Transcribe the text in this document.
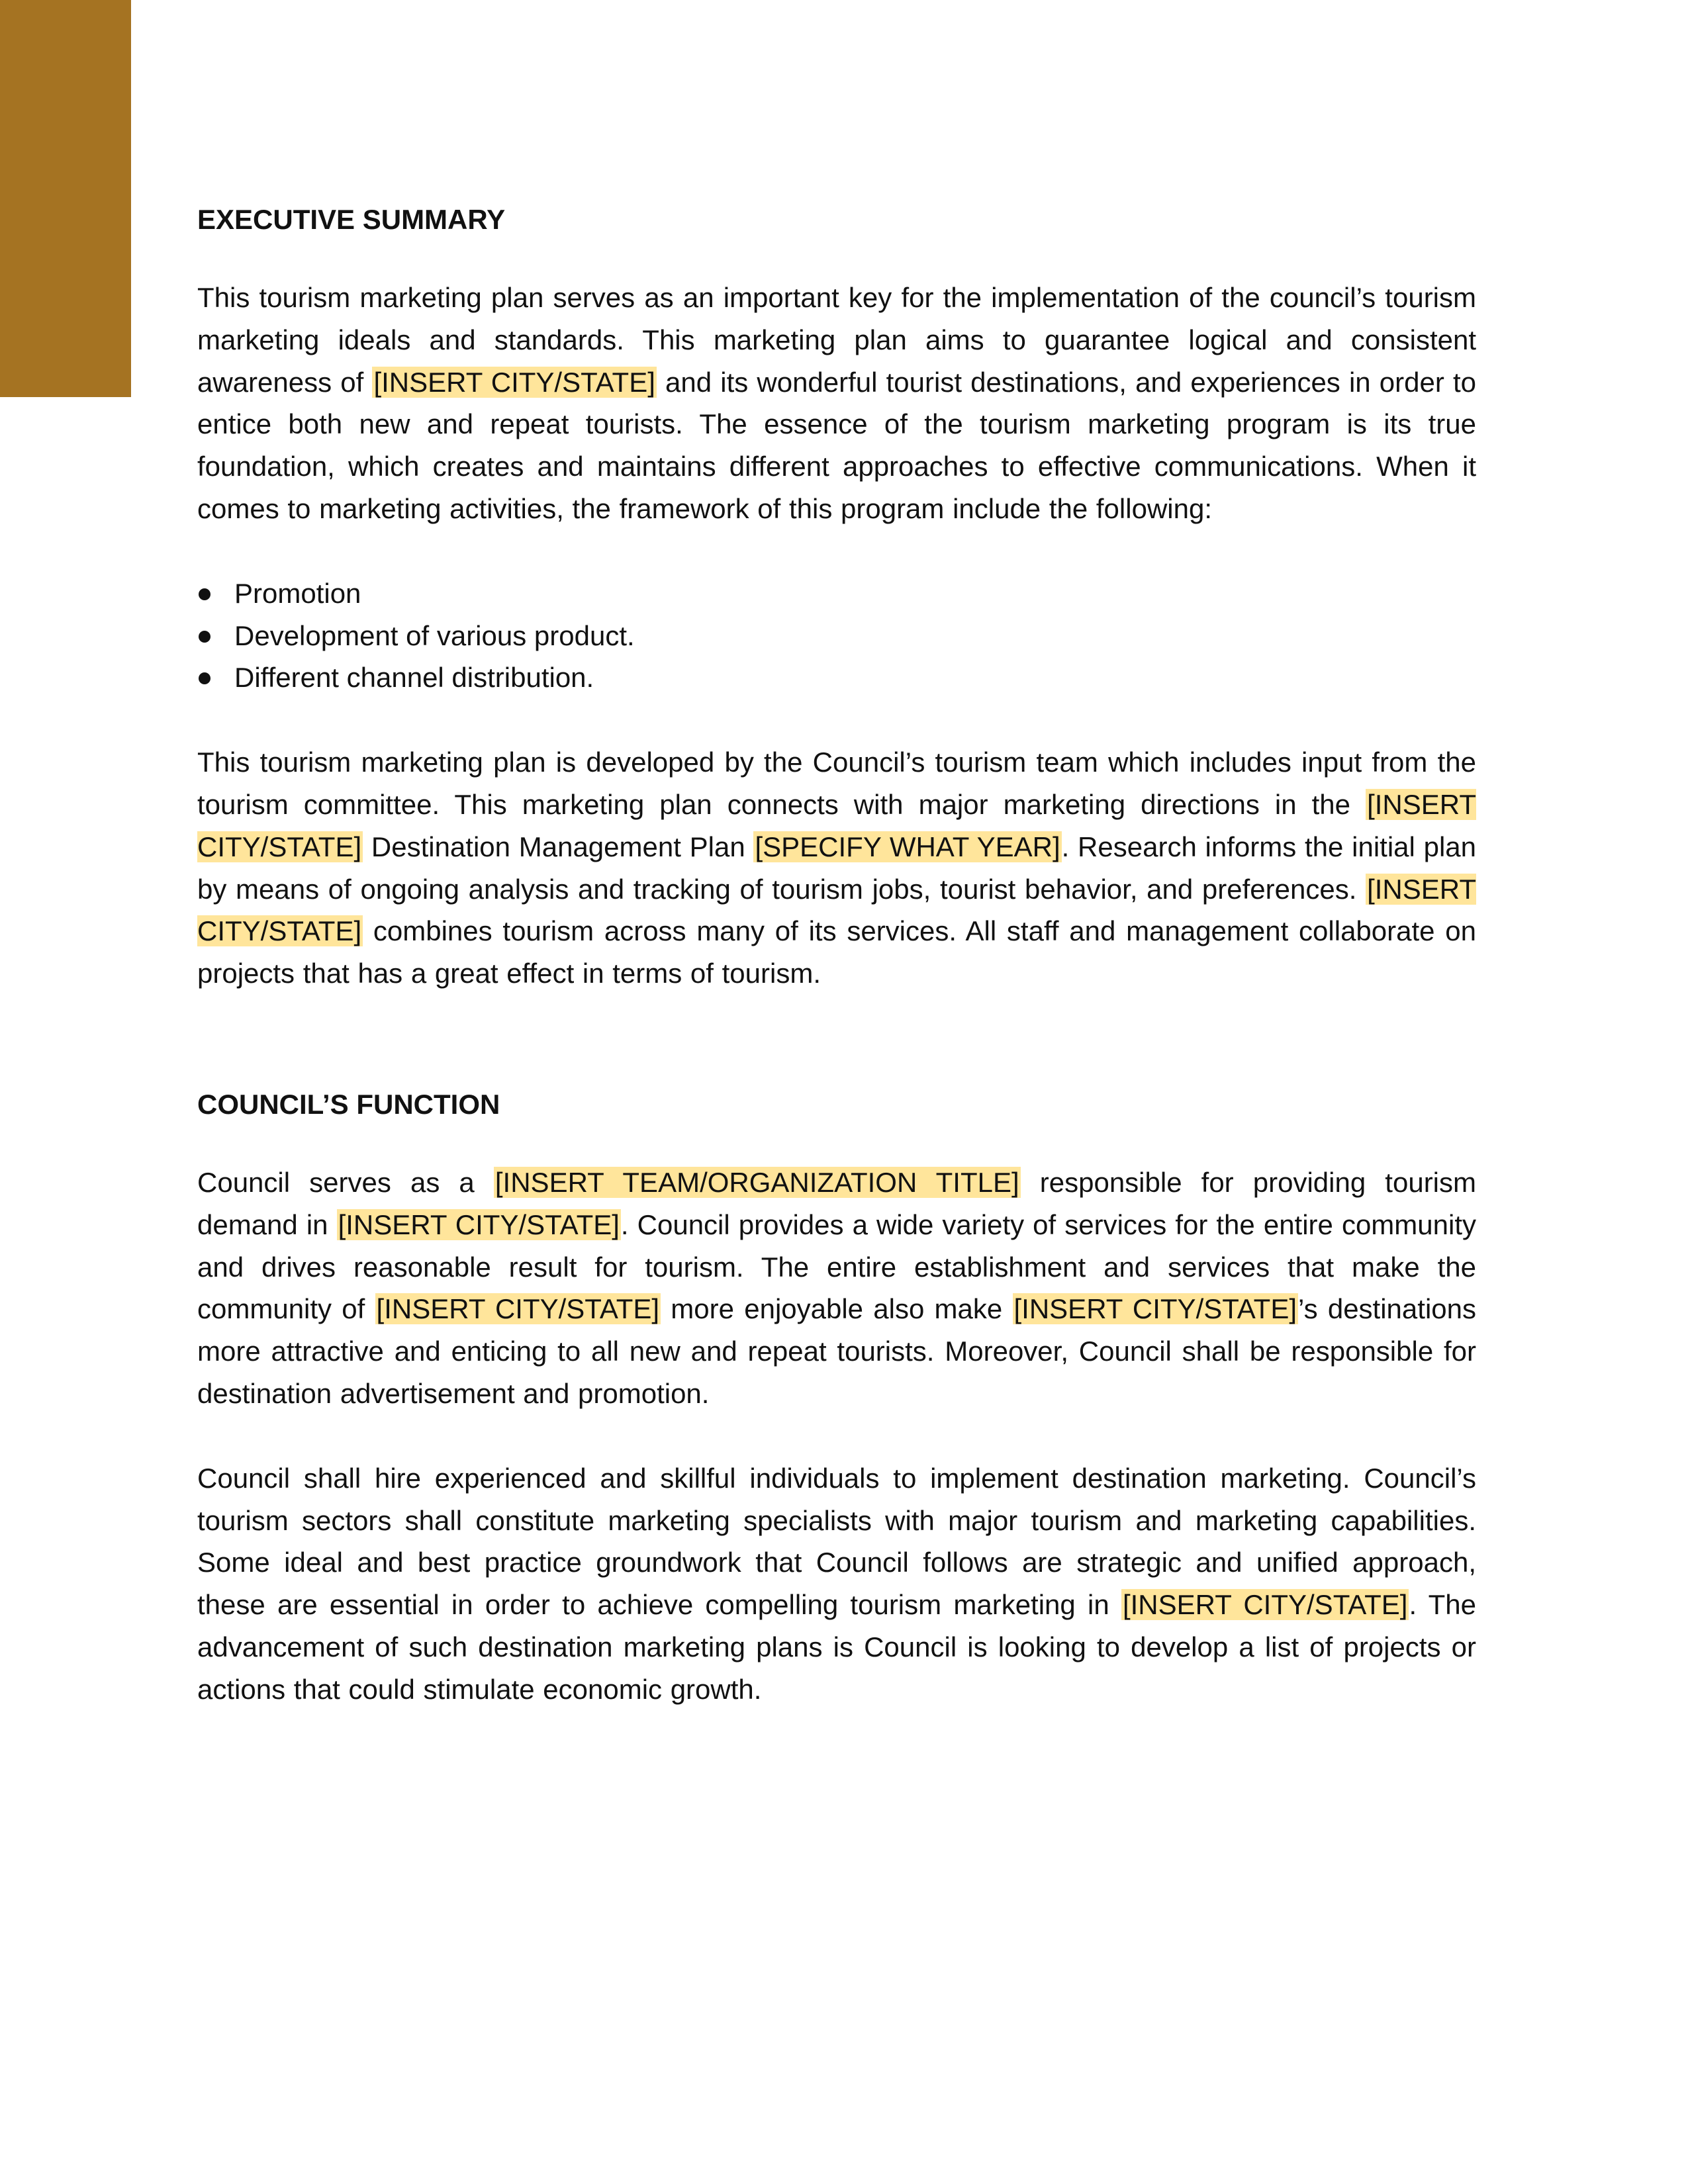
EXECUTIVE SUMMARY

This tourism marketing plan serves as an important key for the implementation of the council’s tourism marketing ideals and standards. This marketing plan aims to guarantee logical and consistent awareness of [INSERT CITY/STATE] and its wonderful tourist destinations, and experiences in order to entice both new and repeat tourists. The essence of the tourism marketing program is its true foundation, which creates and maintains different approaches to effective communications. When it comes to marketing activities, the framework of this program include the following:

Promotion
Development of various product.
Different channel distribution.

This tourism marketing plan is developed by the Council’s tourism team which includes input from the tourism committee. This marketing plan connects with major marketing directions in the [INSERT CITY/STATE] Destination Management Plan [SPECIFY WHAT YEAR]. Research informs the initial plan by means of ongoing analysis and tracking of tourism jobs, tourist behavior, and preferences. [INSERT CITY/STATE] combines tourism across many of its services. All staff and management collaborate on projects that has a great effect in terms of tourism.

COUNCIL’S FUNCTION

Council serves as a [INSERT TEAM/ORGANIZATION TITLE] responsible for providing tourism demand in [INSERT CITY/STATE]. Council provides a wide variety of services for the entire community and drives reasonable result for tourism. The entire establishment and services that make the community of [INSERT CITY/STATE] more enjoyable also make [INSERT CITY/STATE]’s destinations more attractive and enticing to all new and repeat tourists. Moreover, Council shall be responsible for destination advertisement and promotion.

Council shall hire experienced and skillful individuals to implement destination marketing. Council’s tourism sectors shall constitute marketing specialists with major tourism and marketing capabilities. Some ideal and best practice groundwork that Council follows are strategic and unified approach, these are essential in order to achieve compelling tourism marketing in [INSERT CITY/STATE]. The advancement of such destination marketing plans is Council is looking to develop a list of projects or actions that could stimulate economic growth.
